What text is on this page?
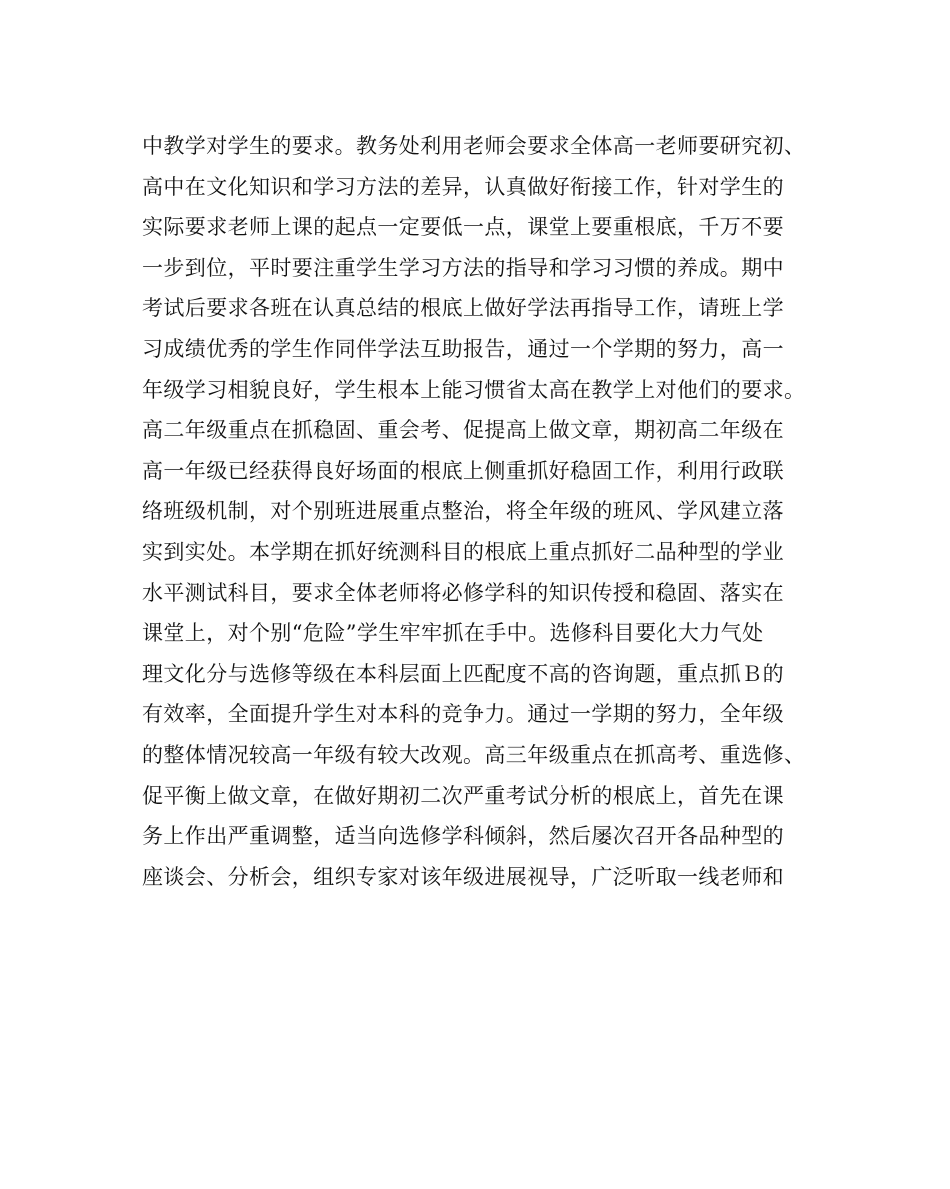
中教学对学生的要求。教务处利用老师会要求全体高一老师要研究初、
高中在文化知识和学习方法的差异，认真做好衔接工作，针对学生的
实际要求老师上课的起点一定要低一点，课堂上要重根底，千万不要
一步到位，平时要注重学生学习方法的指导和学习习惯的养成。期中
考试后要求各班在认真总结的根底上做好学法再指导工作，请班上学
习成绩优秀的学生作同伴学法互助报告，通过一个学期的努力，高一
年级学习相貌良好，学生根本上能习惯省太高在教学上对他们的要求。
高二年级重点在抓稳固、重会考、促提高上做文章，期初高二年级在
高一年级已经获得良好场面的根底上侧重抓好稳固工作，利用行政联
络班级机制，对个别班进展重点整治，将全年级的班风、学风建立落
实到实处。本学期在抓好统测科目的根底上重点抓好二品种型的学业
水平测试科目，要求全体老师将必修学科的知识传授和稳固、落实在
课堂上，对个别“危险”学生牢牢抓在手中。选修科目要化大力气处
理文化分与选修等级在本科层面上匹配度不高的咨询题，重点抓Ｂ的
有效率，全面提升学生对本科的竞争力。通过一学期的努力，全年级
的整体情况较高一年级有较大改观。高三年级重点在抓高考、重选修、
促平衡上做文章，在做好期初二次严重考试分析的根底上，首先在课
务上作出严重调整，适当向选修学科倾斜，然后屡次召开各品种型的
座谈会、分析会，组织专家对该年级进展视导，广泛听取一线老师和
